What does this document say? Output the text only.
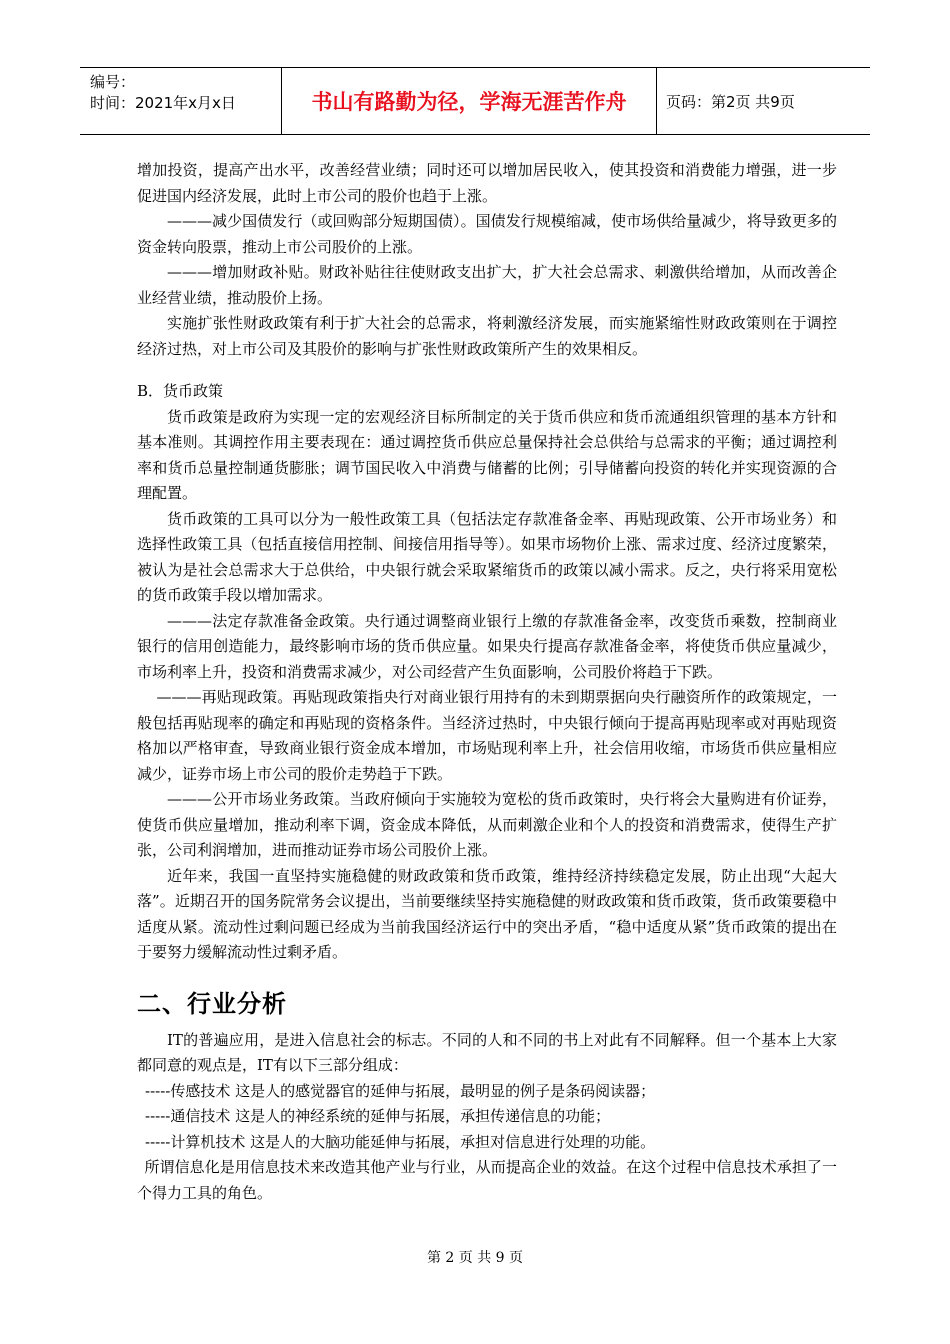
编号：
时间：2021年x月x日	书山有路勤为径，学海无涯苦作舟	页码：第2页 共9页

增加投资，提高产出水平，改善经营业绩；同时还可以增加居民收入，使其投资和消费能力增强，进一步促进国内经济发展，此时上市公司的股价也趋于上涨。

———减少国债发行（或回购部分短期国债）。国债发行规模缩减，使市场供给量减少，将导致更多的资金转向股票，推动上市公司股价的上涨。

———增加财政补贴。财政补贴往往使财政支出扩大，扩大社会总需求、刺激供给增加，从而改善企业经营业绩，推动股价上扬。

实施扩张性财政政策有利于扩大社会的总需求，将刺激经济发展，而实施紧缩性财政政策则在于调控经济过热，对上市公司及其股价的影响与扩张性财政政策所产生的效果相反。

B．货币政策

货币政策是政府为实现一定的宏观经济目标所制定的关于货币供应和货币流通组织管理的基本方针和基本准则。其调控作用主要表现在：通过调控货币供应总量保持社会总供给与总需求的平衡；通过调控利率和货币总量控制通货膨胀；调节国民收入中消费与储蓄的比例；引导储蓄向投资的转化并实现资源的合理配置。

货币政策的工具可以分为一般性政策工具（包括法定存款准备金率、再贴现政策、公开市场业务）和选择性政策工具（包括直接信用控制、间接信用指导等）。如果市场物价上涨、需求过度、经济过度繁荣，被认为是社会总需求大于总供给，中央银行就会采取紧缩货币的政策以减小需求。反之，央行将采用宽松的货币政策手段以增加需求。

———法定存款准备金政策。央行通过调整商业银行上缴的存款准备金率，改变货币乘数，控制商业银行的信用创造能力，最终影响市场的货币供应量。如果央行提高存款准备金率，将使货币供应量减少，市场利率上升，投资和消费需求减少，对公司经营产生负面影响，公司股价将趋于下跌。

———再贴现政策。再贴现政策指央行对商业银行用持有的未到期票据向央行融资所作的政策规定，一般包括再贴现率的确定和再贴现的资格条件。当经济过热时，中央银行倾向于提高再贴现率或对再贴现资格加以严格审查，导致商业银行资金成本增加，市场贴现利率上升，社会信用收缩，市场货币供应量相应减少，证券市场上市公司的股价走势趋于下跌。

———公开市场业务政策。当政府倾向于实施较为宽松的货币政策时，央行将会大量购进有价证券，使货币供应量增加，推动利率下调，资金成本降低，从而刺激企业和个人的投资和消费需求，使得生产扩张，公司利润增加，进而推动证券市场公司股价上涨。

近年来，我国一直坚持实施稳健的财政政策和货币政策，维持经济持续稳定发展，防止出现“大起大落”。近期召开的国务院常务会议提出，当前要继续坚持实施稳健的财政政策和货币政策，货币政策要稳中适度从紧。流动性过剩问题已经成为当前我国经济运行中的突出矛盾，“稳中适度从紧”货币政策的提出在于要努力缓解流动性过剩矛盾。

二、行业分析

IT的普遍应用，是进入信息社会的标志。不同的人和不同的书上对此有不同解释。但一个基本上大家都同意的观点是，IT有以下三部分组成：

-----传感技术 这是人的感觉器官的延伸与拓展，最明显的例子是条码阅读器；

-----通信技术 这是人的神经系统的延伸与拓展，承担传递信息的功能；

-----计算机技术 这是人的大脑功能延伸与拓展，承担对信息进行处理的功能。

所谓信息化是用信息技术来改造其他产业与行业，从而提高企业的效益。在这个过程中信息技术承担了一个得力工具的角色。

第 2 页 共 9 页
